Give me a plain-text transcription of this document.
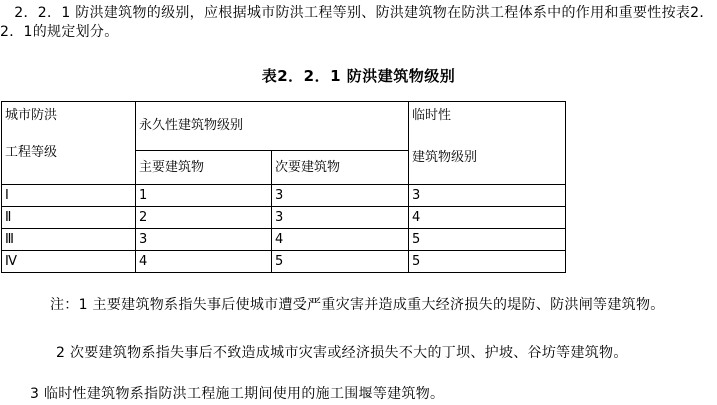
　2．2．1 防洪建筑物的级别，应根据城市防洪工程等别、防洪建筑物在防洪工程体系中的作用和重要性按表2．2．1的规定划分。

表2．2．1 防洪建筑物级别
城市防洪
工程等级	永久性建筑物级别		临时性
建筑物级别

	主要建筑物	次要建筑物	
Ⅰ	1	3	3
Ⅱ	2	3	4
Ⅲ	3	4	5
Ⅳ	4	5	5

注：1 主要建筑物系指失事后使城市遭受严重灾害并造成重大经济损失的堤防、防洪闸等建筑物。

2 次要建筑物系指失事后不致造成城市灾害或经济损失不大的丁坝、护坡、谷坊等建筑物。

3 临时性建筑物系指防洪工程施工期间使用的施工围堰等建筑物。
